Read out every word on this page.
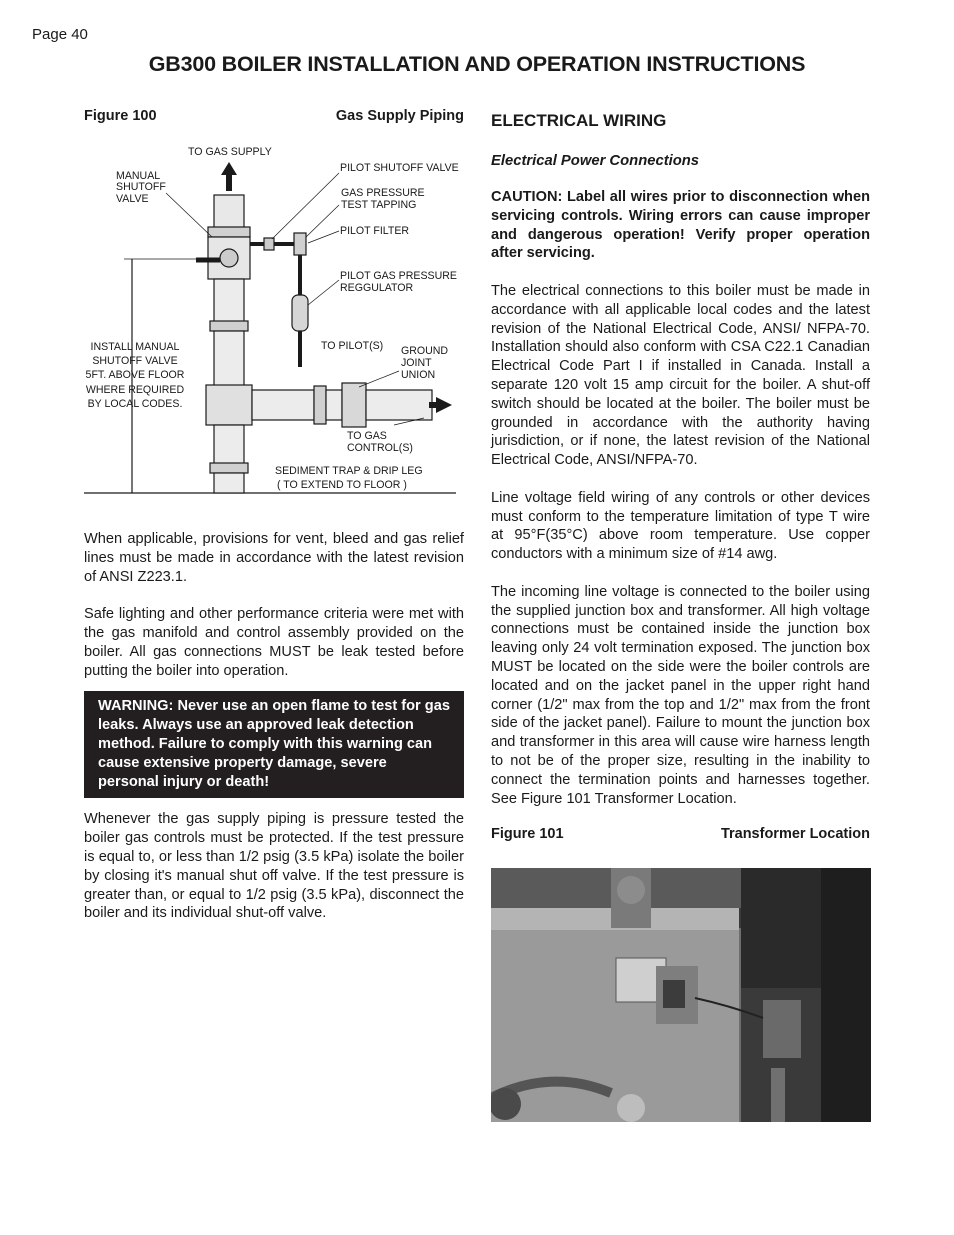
Page 40
GB300 BOILER INSTALLATION AND OPERATION INSTRUCTIONS
Figure 100	Gas Supply Piping

When applicable, provisions for vent, bleed and gas relief lines must be made in accordance with the latest revision of ANSI Z223.1.

Safe lighting and other performance criteria were met with the gas manifold and control assembly provided on the boiler. All gas connections MUST be leak tested before putting the boiler into operation.

WARNING: Never use an open flame to test for gas leaks. Always use an approved leak detection method. Failure to comply with this warning can cause extensive property damage, severe personal injury or death!

Whenever the gas supply piping is pressure tested the boiler gas controls must be protected. If the test pressure is equal to, or less than 1/2 psig (3.5 kPa) isolate the boiler by closing it's manual shut off valve. If the test pressure is greater than, or equal to 1/2 psig (3.5 kPa), disconnect the boiler and its individual shut-off valve.

TO GAS SUPPLY
MANUAL
SHUTOFF
VALVE
PILOT SHUTOFF VALVE
GAS PRESSURE
TEST TAPPING
PILOT FILTER
PILOT GAS PRESSURE
REGGULATOR
INSTALL MANUAL
SHUTOFF VALVE
5FT. ABOVE FLOOR
WHERE REQUIRED
BY LOCAL CODES.
TO PILOT(S) GROUND
JOINT
UNION
TO GAS
CONTROL(S)
SEDIMENT TRAP & DRIP LEG
( TO EXTEND TO FLOOR )
ELECTRICAL WIRING
Electrical Power Connections

CAUTION: Label all wires prior to disconnection when servicing controls. Wiring errors can cause improper and dangerous operation! Verify proper operation after servicing.

The electrical connections to this boiler must be made in accordance with all applicable local codes and the latest revision of the National Electrical Code, ANSI/ NFPA-70. Installation should also conform with CSA C22.1 Canadian Electrical Code Part I if installed in Canada. Install a separate 120 volt 15 amp circuit for the boiler. A shut-off switch should be located at the boiler. The boiler must be grounded in accordance with the authority having jurisdiction, or if none, the latest revision of the National Electrical Code, ANSI/NFPA-70.

Line voltage field wiring of any controls or other devices must conform to the temperature limitation of type T wire at 95°F(35°C) above room temperature. Use copper conductors with a minimum size of #14 awg.

The incoming line voltage is connected to the boiler using the supplied junction box and transformer. All high voltage connections must be contained inside the junction box leaving only 24 volt termination exposed. The junction box MUST be located on the side were the boiler controls are located and on the jacket panel in the upper right hand corner (1/2" max from the top and 1/2" max from the front side of the jacket panel). Failure to mount the junction box and transformer in this area will cause wire harness length to not be of the proper size, resulting in the inability to connect the termination points and harnesses together. See Figure 101 Transformer Location.

Figure 101	Transformer Location
